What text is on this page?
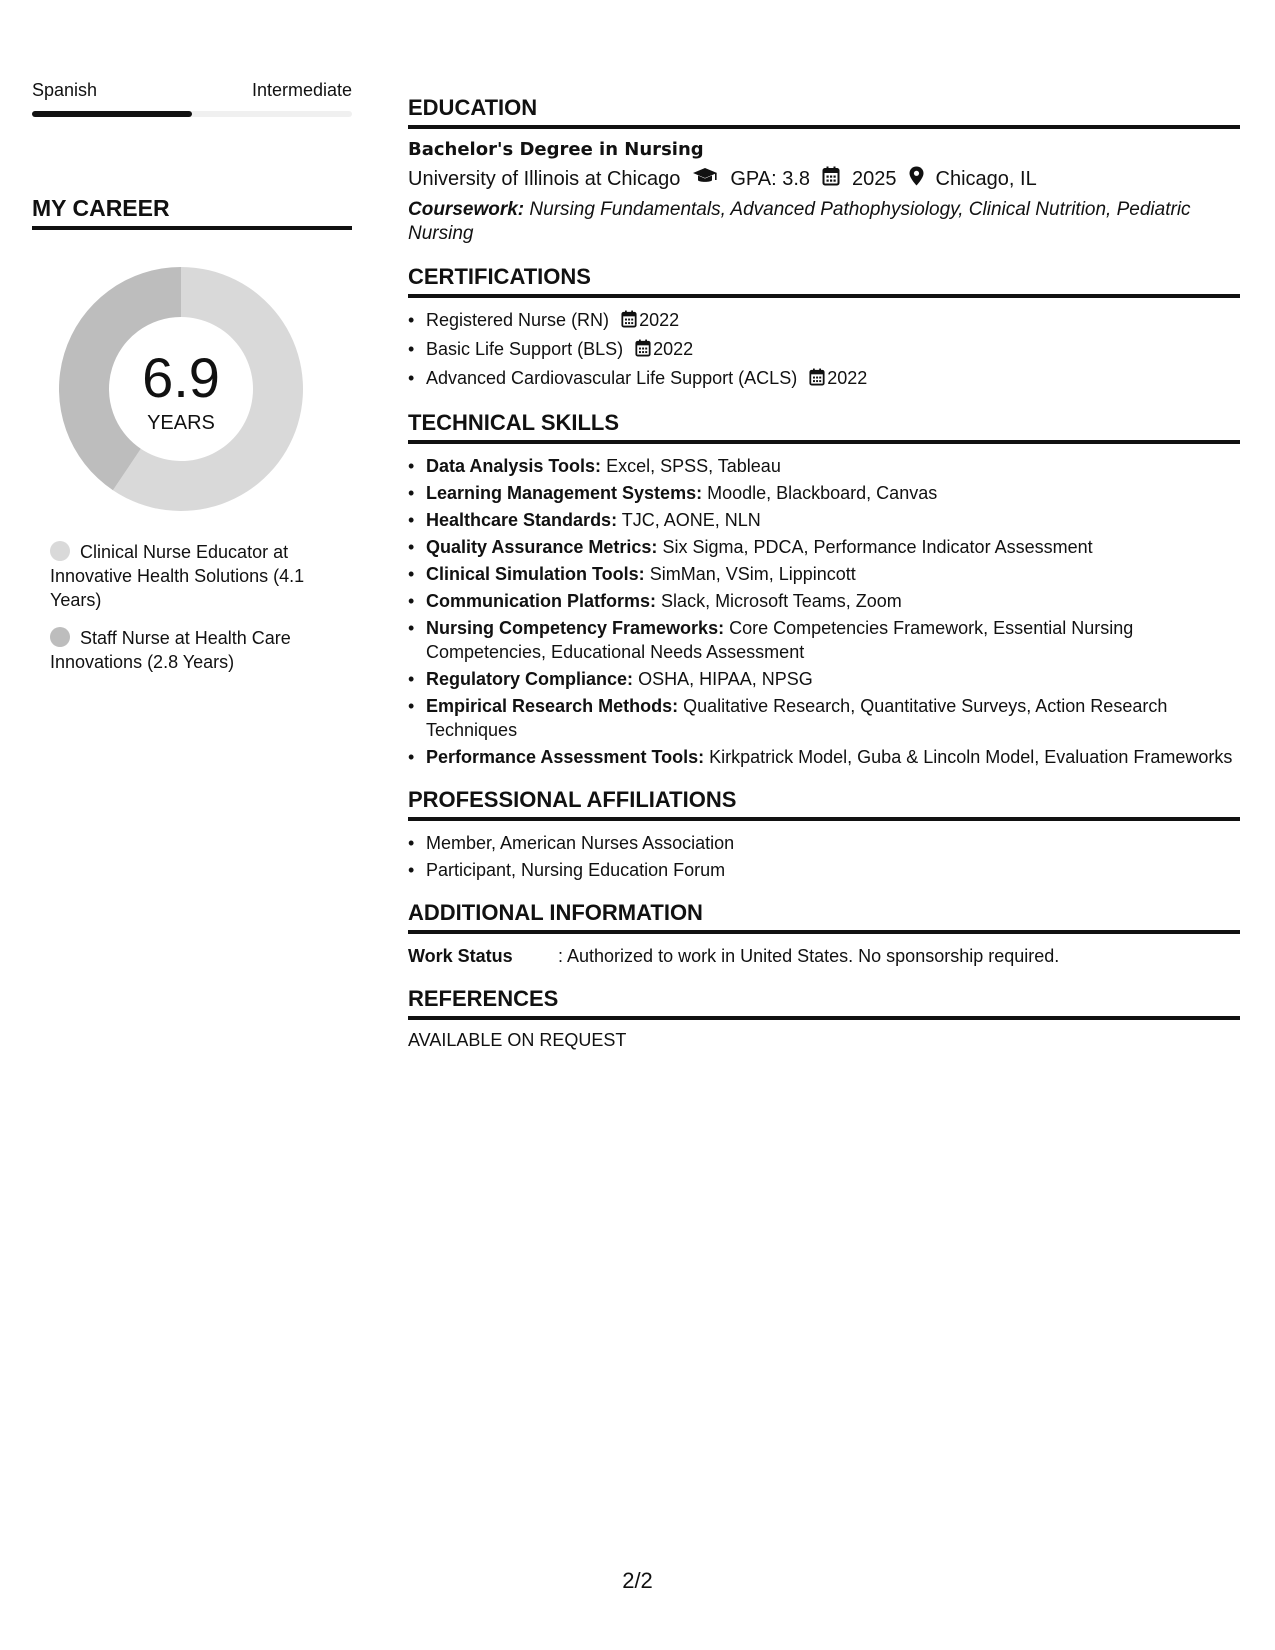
Spanish	Intermediate
MY CAREER
6.9
YEARS
Clinical Nurse Educator at Innovative Health Solutions (4.1 Years)
Staff Nurse at Health Care Innovations (2.8 Years)
EDUCATION
Bachelor's Degree in Nursing
University of Illinois at Chicago	GPA: 3.8 2025 Chicago, IL
Coursework: Nursing Fundamentals, Advanced Pathophysiology, Clinical Nutrition, Pediatric Nursing
CERTIFICATIONS
• Registered Nurse (RN) 2022
• Basic Life Support (BLS) 2022
• Advanced Cardiovascular Life Support (ACLS) 2022
TECHNICAL SKILLS
• Data Analysis Tools: Excel, SPSS, Tableau
• Learning Management Systems: Moodle, Blackboard, Canvas
• Healthcare Standards: TJC, AONE, NLN
• Quality Assurance Metrics: Six Sigma, PDCA, Performance Indicator Assessment
• Clinical Simulation Tools: SimMan, VSim, Lippincott
• Communication Platforms: Slack, Microsoft Teams, Zoom
• Nursing Competency Frameworks: Core Competencies Framework, Essential Nursing Competencies, Educational Needs Assessment
• Regulatory Compliance: OSHA, HIPAA, NPSG
• Empirical Research Methods: Qualitative Research, Quantitative Surveys, Action Research Techniques
• Performance Assessment Tools: Kirkpatrick Model, Guba & Lincoln Model, Evaluation Frameworks
PROFESSIONAL AFFILIATIONS
• Member, American Nurses Association
• Participant, Nursing Education Forum
ADDITIONAL INFORMATION
Work Status	: Authorized to work in United States. No sponsorship required.
REFERENCES
AVAILABLE ON REQUEST
2/2
